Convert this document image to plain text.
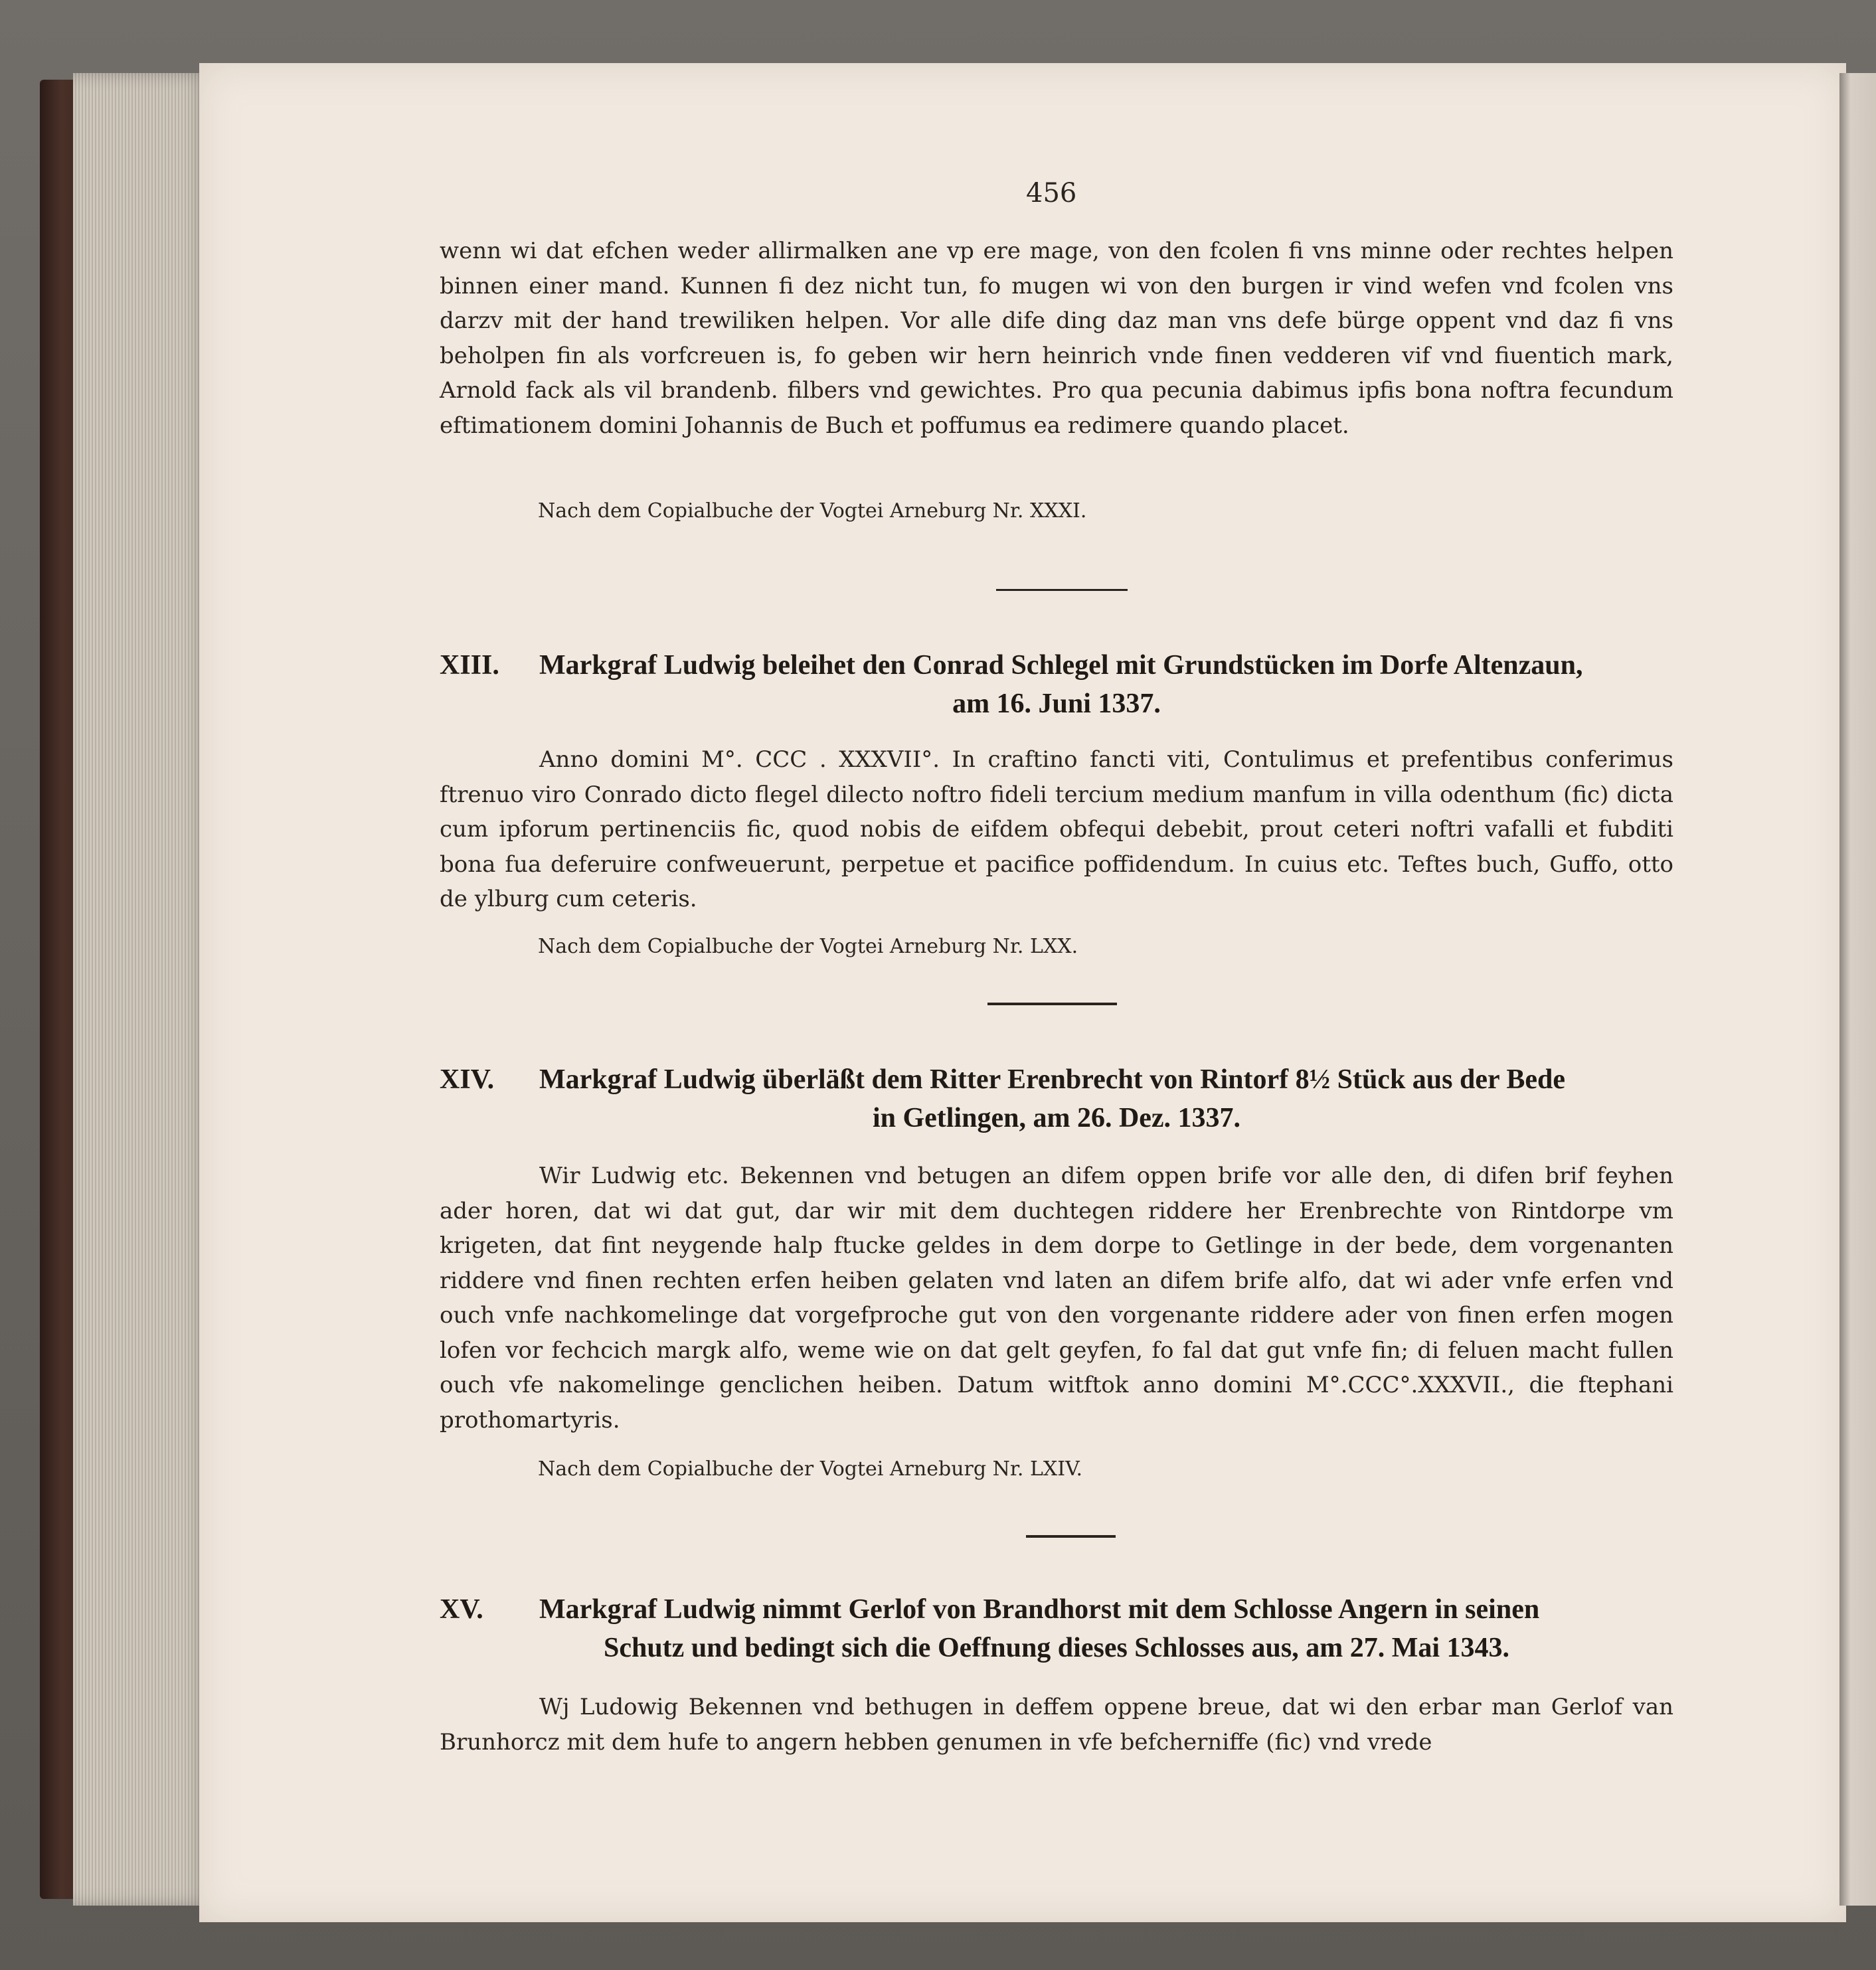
456
wenn wi dat efchen weder allirmalken ane vp ere mage, von den fcolen fi vns minne oder rechtes helpen binnen einer mand. Kunnen fi dez nicht tun, fo mugen wi von den burgen ir vind wefen vnd fcolen vns darzv mit der hand trewiliken helpen. Vor alle dife ding daz man vns defe bürge oppent vnd daz fi vns beholpen fin als vorfcreuen is, fo geben wir hern heinrich vnde finen vedderen vif vnd fiuentich mark, Arnold fack als vil brandenb. filbers vnd gewichtes. Pro qua pecunia dabimus ipfis bona noftra fecundum eftimationem domini Johannis de Buch et poffumus ea redimere quando placet.
Nach dem Copialbuche der Vogtei Arneburg Nr. XXXI.
XIII. Markgraf Ludwig beleihet den Conrad Schlegel mit Grundstücken im Dorfe Altenzaun,
am 16. Juni 1337.
Anno domini M°. CCC . XXXVII°. In craftino fancti viti, Contulimus et prefentibus conferimus ftrenuo viro Conrado dicto flegel dilecto noftro fideli tercium medium manfum in villa odenthum (fic) dicta cum ipforum pertinenciis fic, quod nobis de eifdem obfequi debebit, prout ceteri noftri vafalli et fubditi bona fua deferuire confweuerunt, perpetue et pacifice poffidendum. In cuius etc. Teftes buch, Guffo, otto de ylburg cum ceteris.
Nach dem Copialbuche der Vogtei Arneburg Nr. LXX.
XIV. Markgraf Ludwig überläßt dem Ritter Erenbrecht von Rintorf 8½ Stück aus der Bede
in Getlingen, am 26. Dez. 1337.
Wir Ludwig etc. Bekennen vnd betugen an difem oppen brife vor alle den, di difen brif feyhen ader horen, dat wi dat gut, dar wir mit dem duchtegen riddere her Erenbrechte von Rintdorpe vm krigeten, dat fint neygende halp ftucke geldes in dem dorpe to Getlinge in der bede, dem vorgenanten riddere vnd finen rechten erfen heiben gelaten vnd laten an difem brife alfo, dat wi ader vnfe erfen vnd ouch vnfe nachkomelinge dat vorgefproche gut von den vorgenante riddere ader von finen erfen mogen lofen vor fechcich margk alfo, weme wie on dat gelt geyfen, fo fal dat gut vnfe fin; di feluen macht fullen ouch vfe nakomelinge genclichen heiben. Datum witftok anno domini M°.CCC°.XXXVII., die ftephani prothomartyris.
Nach dem Copialbuche der Vogtei Arneburg Nr. LXIV.
XV. Markgraf Ludwig nimmt Gerlof von Brandhorst mit dem Schlosse Angern in seinen
Schutz und bedingt sich die Oeffnung dieses Schlosses aus, am 27. Mai 1343.
Wj Ludowig Bekennen vnd bethugen in deffem oppene breue, dat wi den erbar man Gerlof van Brunhorcz mit dem hufe to angern hebben genumen in vfe befcherniffe (fic) vnd vrede
